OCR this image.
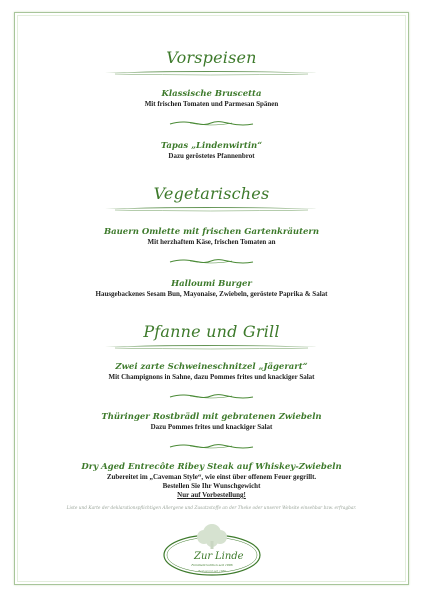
Vorspeisen
Klassische Bruscetta
Mit frischen Tomaten und Parmesan Spänen
Tapas „Lindenwirtin“
Dazu geröstetes Pfannenbrot
Vegetarisches
Bauern Omlette mit frischen Gartenkräutern
Mit herzhaftem Käse, frischen Tomaten an
Halloumi Burger
Hausgebackenes Sesam Bun, Mayonaise, Zwiebeln, geröstete Paprika & Salat
Pfanne und Grill
Zwei zarte Schweineschnitzel „Jägerart“
Mit Champignons in Sahne, dazu Pommes frites und knackiger Salat
Thüringer Rostbrädl mit gebratenen Zwiebeln
Dazu Pommes frites und knackiger Salat
Dry Aged Entrecôte Ribey Steak auf Whiskey-Zwiebeln
Zubereitet im „Caveman Style“, wie einst über offenem Feuer gegrillt.
Bestellen Sie Ihr Wunschgewicht
Nur auf Vorbestellung!
Liste und Karte der deklarationspflichtigen Allergene und Zusatzstoffe an der Theke oder unserer Website einsehbar bzw. erfragbar.
Zur Linde
Familientradition seit 1886
Restaurant seit 1886
